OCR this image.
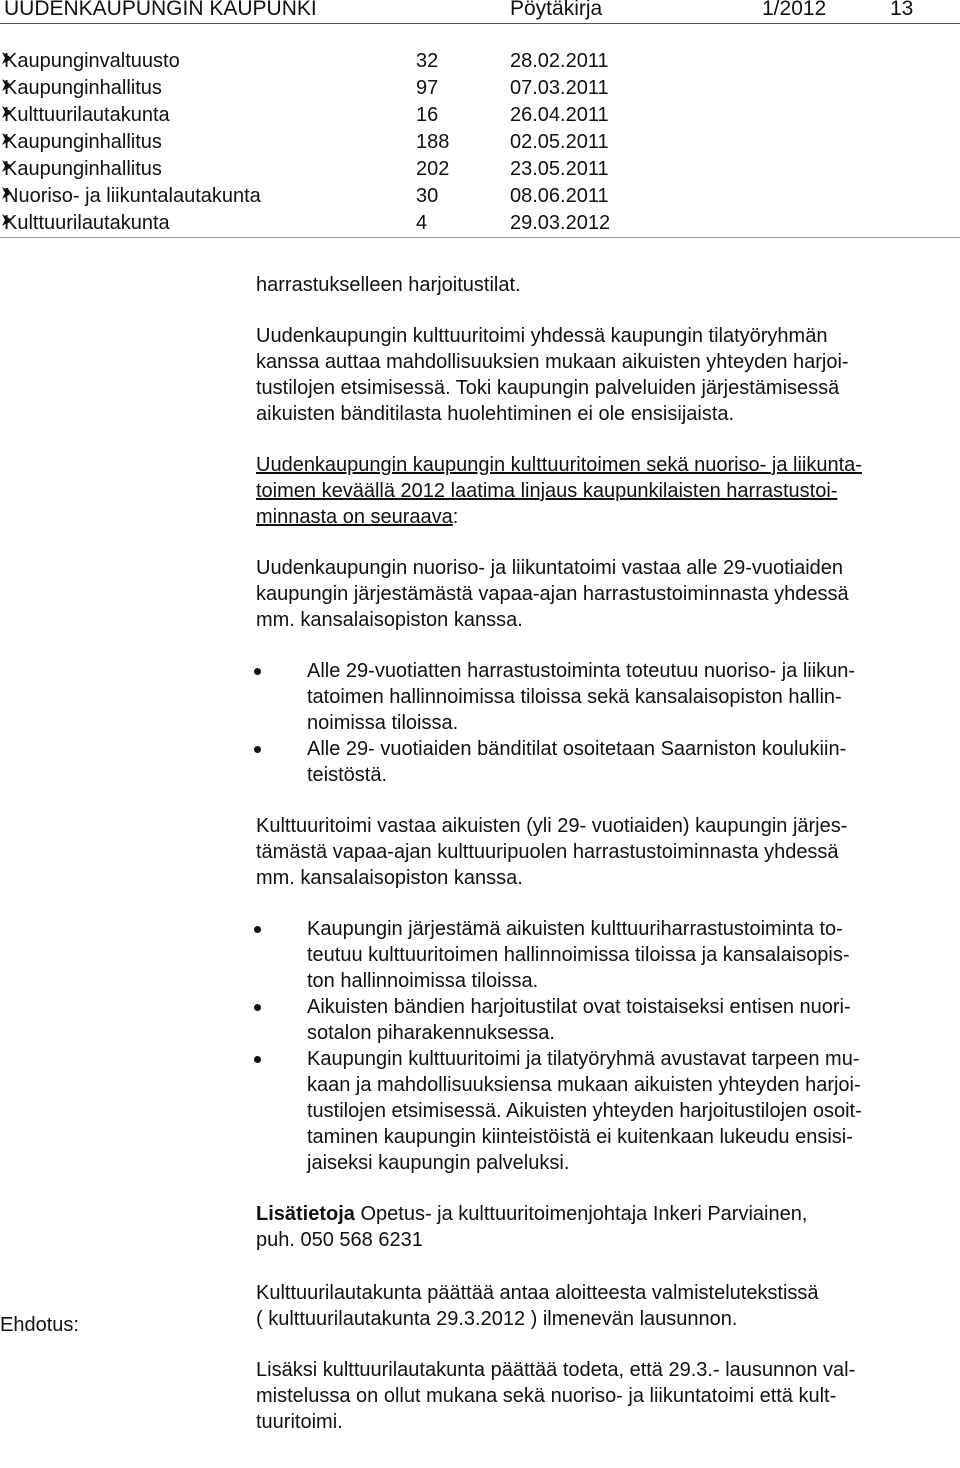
UUDENKAUPUNGIN KAUPUNKI	Pöytäkirja	1/2012	13
Kaupunginvaltuusto	32	28.02.2011
Kaupunginhallitus	97	07.03.2011
Kulttuurilautakunta	16	26.04.2011
Kaupunginhallitus	188	02.05.2011
Kaupunginhallitus	202	23.05.2011
Nuoriso- ja liikuntalautakunta	30	08.06.2011
Kulttuurilautakunta	4	29.03.2012

harrastukselleen harjoitustilat.

Uudenkaupungin kulttuuritoimi yhdessä kaupungin tilatyöryhmän
kanssa auttaa mahdollisuuksien mukaan aikuisten yhteyden harjoi-
tustilojen etsimisessä. Toki kaupungin palveluiden järjestämisessä
aikuisten bänditilasta huolehtiminen ei ole ensisijaista.

Uudenkaupungin kaupungin kulttuuritoimen sekä nuoriso- ja liikunta-
toimen keväällä 2012 laatima linjaus kaupunkilaisten harrastustoi-
minnasta on seuraava:

Uudenkaupungin nuoriso- ja liikuntatoimi vastaa alle 29-vuotiaiden
kaupungin järjestämästä vapaa-ajan harrastustoiminnasta yhdessä
mm. kansalaisopiston kanssa.

Alle 29-vuotiatten harrastustoiminta toteutuu nuoriso- ja liikun-
tatoimen hallinnoimissa tiloissa sekä kansalaisopiston hallin-
noimissa tiloissa.
Alle 29- vuotiaiden bänditilat osoitetaan Saarniston koulukiin-
teistöstä.

Kulttuuritoimi vastaa aikuisten (yli 29- vuotiaiden) kaupungin järjes-
tämästä vapaa-ajan kulttuuripuolen harrastustoiminnasta yhdessä
mm. kansalaisopiston kanssa.

Kaupungin järjestämä aikuisten kulttuuriharrastustoiminta to-
teutuu kulttuuritoimen hallinnoimissa tiloissa ja kansalaisopis-
ton hallinnoimissa tiloissa.
Aikuisten bändien harjoitustilat ovat toistaiseksi entisen nuori-
sotalon piharakennuksessa.
Kaupungin kulttuuritoimi ja tilatyöryhmä avustavat tarpeen mu-
kaan ja mahdollisuuksiensa mukaan aikuisten yhteyden harjoi-
tustilojen etsimisessä. Aikuisten yhteyden harjoitustilojen osoit-
taminen kaupungin kiinteistöistä ei kuitenkaan lukeudu ensisi-
jaiseksi kaupungin palveluksi.

Lisätietoja Opetus- ja kulttuuritoimenjohtaja Inkeri Parviainen,
puh. 050 568 6231

Kulttuurilautakunta päättää antaa aloitteesta valmistelutekstissä
( kulttuurilautakunta 29.3.2012 ) ilmenevän lausunnon.

Lisäksi kulttuurilautakunta päättää todeta, että 29.3.- lausunnon val-
mistelussa on ollut mukana sekä nuoriso- ja liikuntatoimi että kult-
tuuritoimi.

Ehdotus:
